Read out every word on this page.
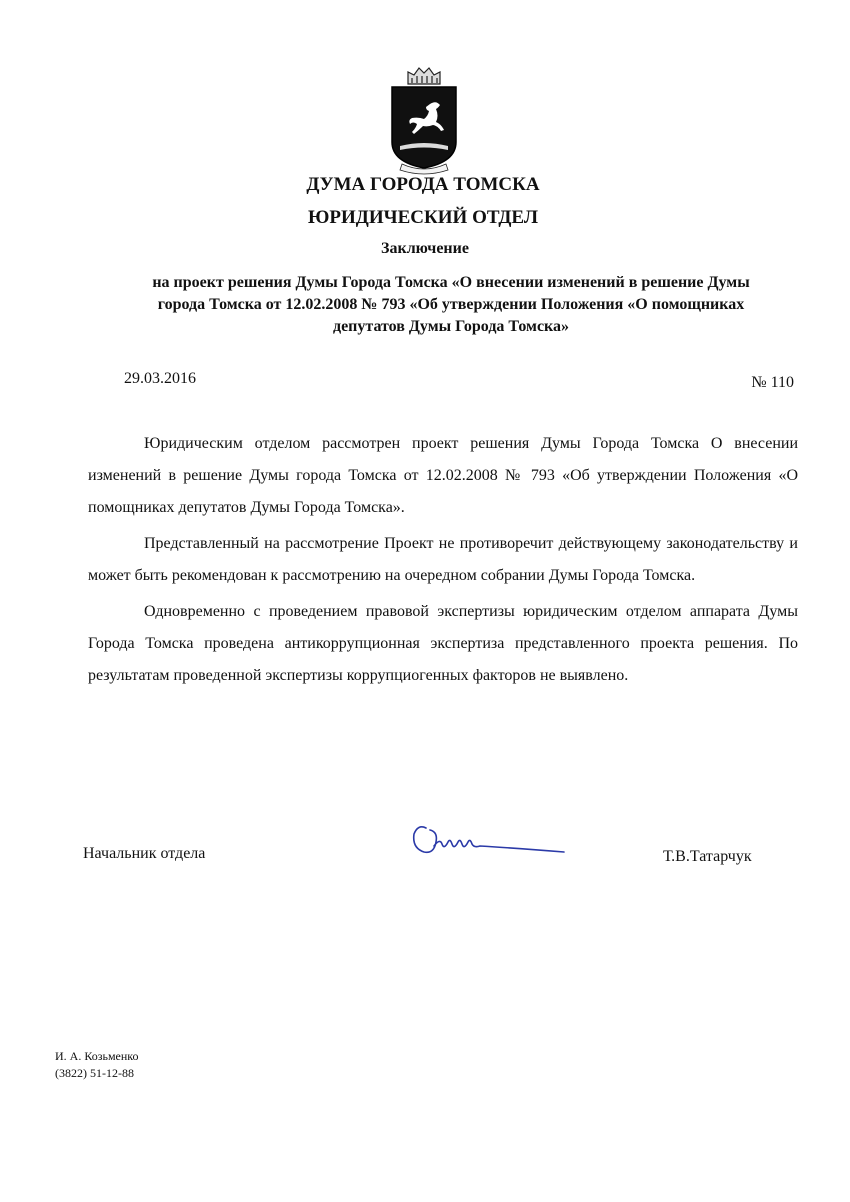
ДУМА ГОРОДА ТОМСКА
ЮРИДИЧЕСКИЙ ОТДЕЛ
Заключение
на проект решения Думы Города Томска «О внесении изменений в решение Думы города Томска от 12.02.2008 № 793 «Об утверждении Положения «О помощниках депутатов Думы Города Томска»
29.03.2016	№ 110

Юридическим отделом рассмотрен проект решения Думы Города Томска О внесении изменений в решение Думы города Томска от 12.02.2008 № 793 «Об утверждении Положения «О помощниках депутатов Думы Города Томска».

Представленный на рассмотрение Проект не противоречит действующему законодательству и может быть рекомендован к рассмотрению на очередном собрании Думы Города Томска.

Одновременно с проведением правовой экспертизы юридическим отделом аппарата Думы Города Томска проведена антикоррупционная экспертиза представленного проекта решения. По результатам проведенной экспертизы коррупциогенных факторов не выявлено.

Начальник отдела	Т.В.Татарчук
И. А. Козьменко
(3822) 51-12-88
